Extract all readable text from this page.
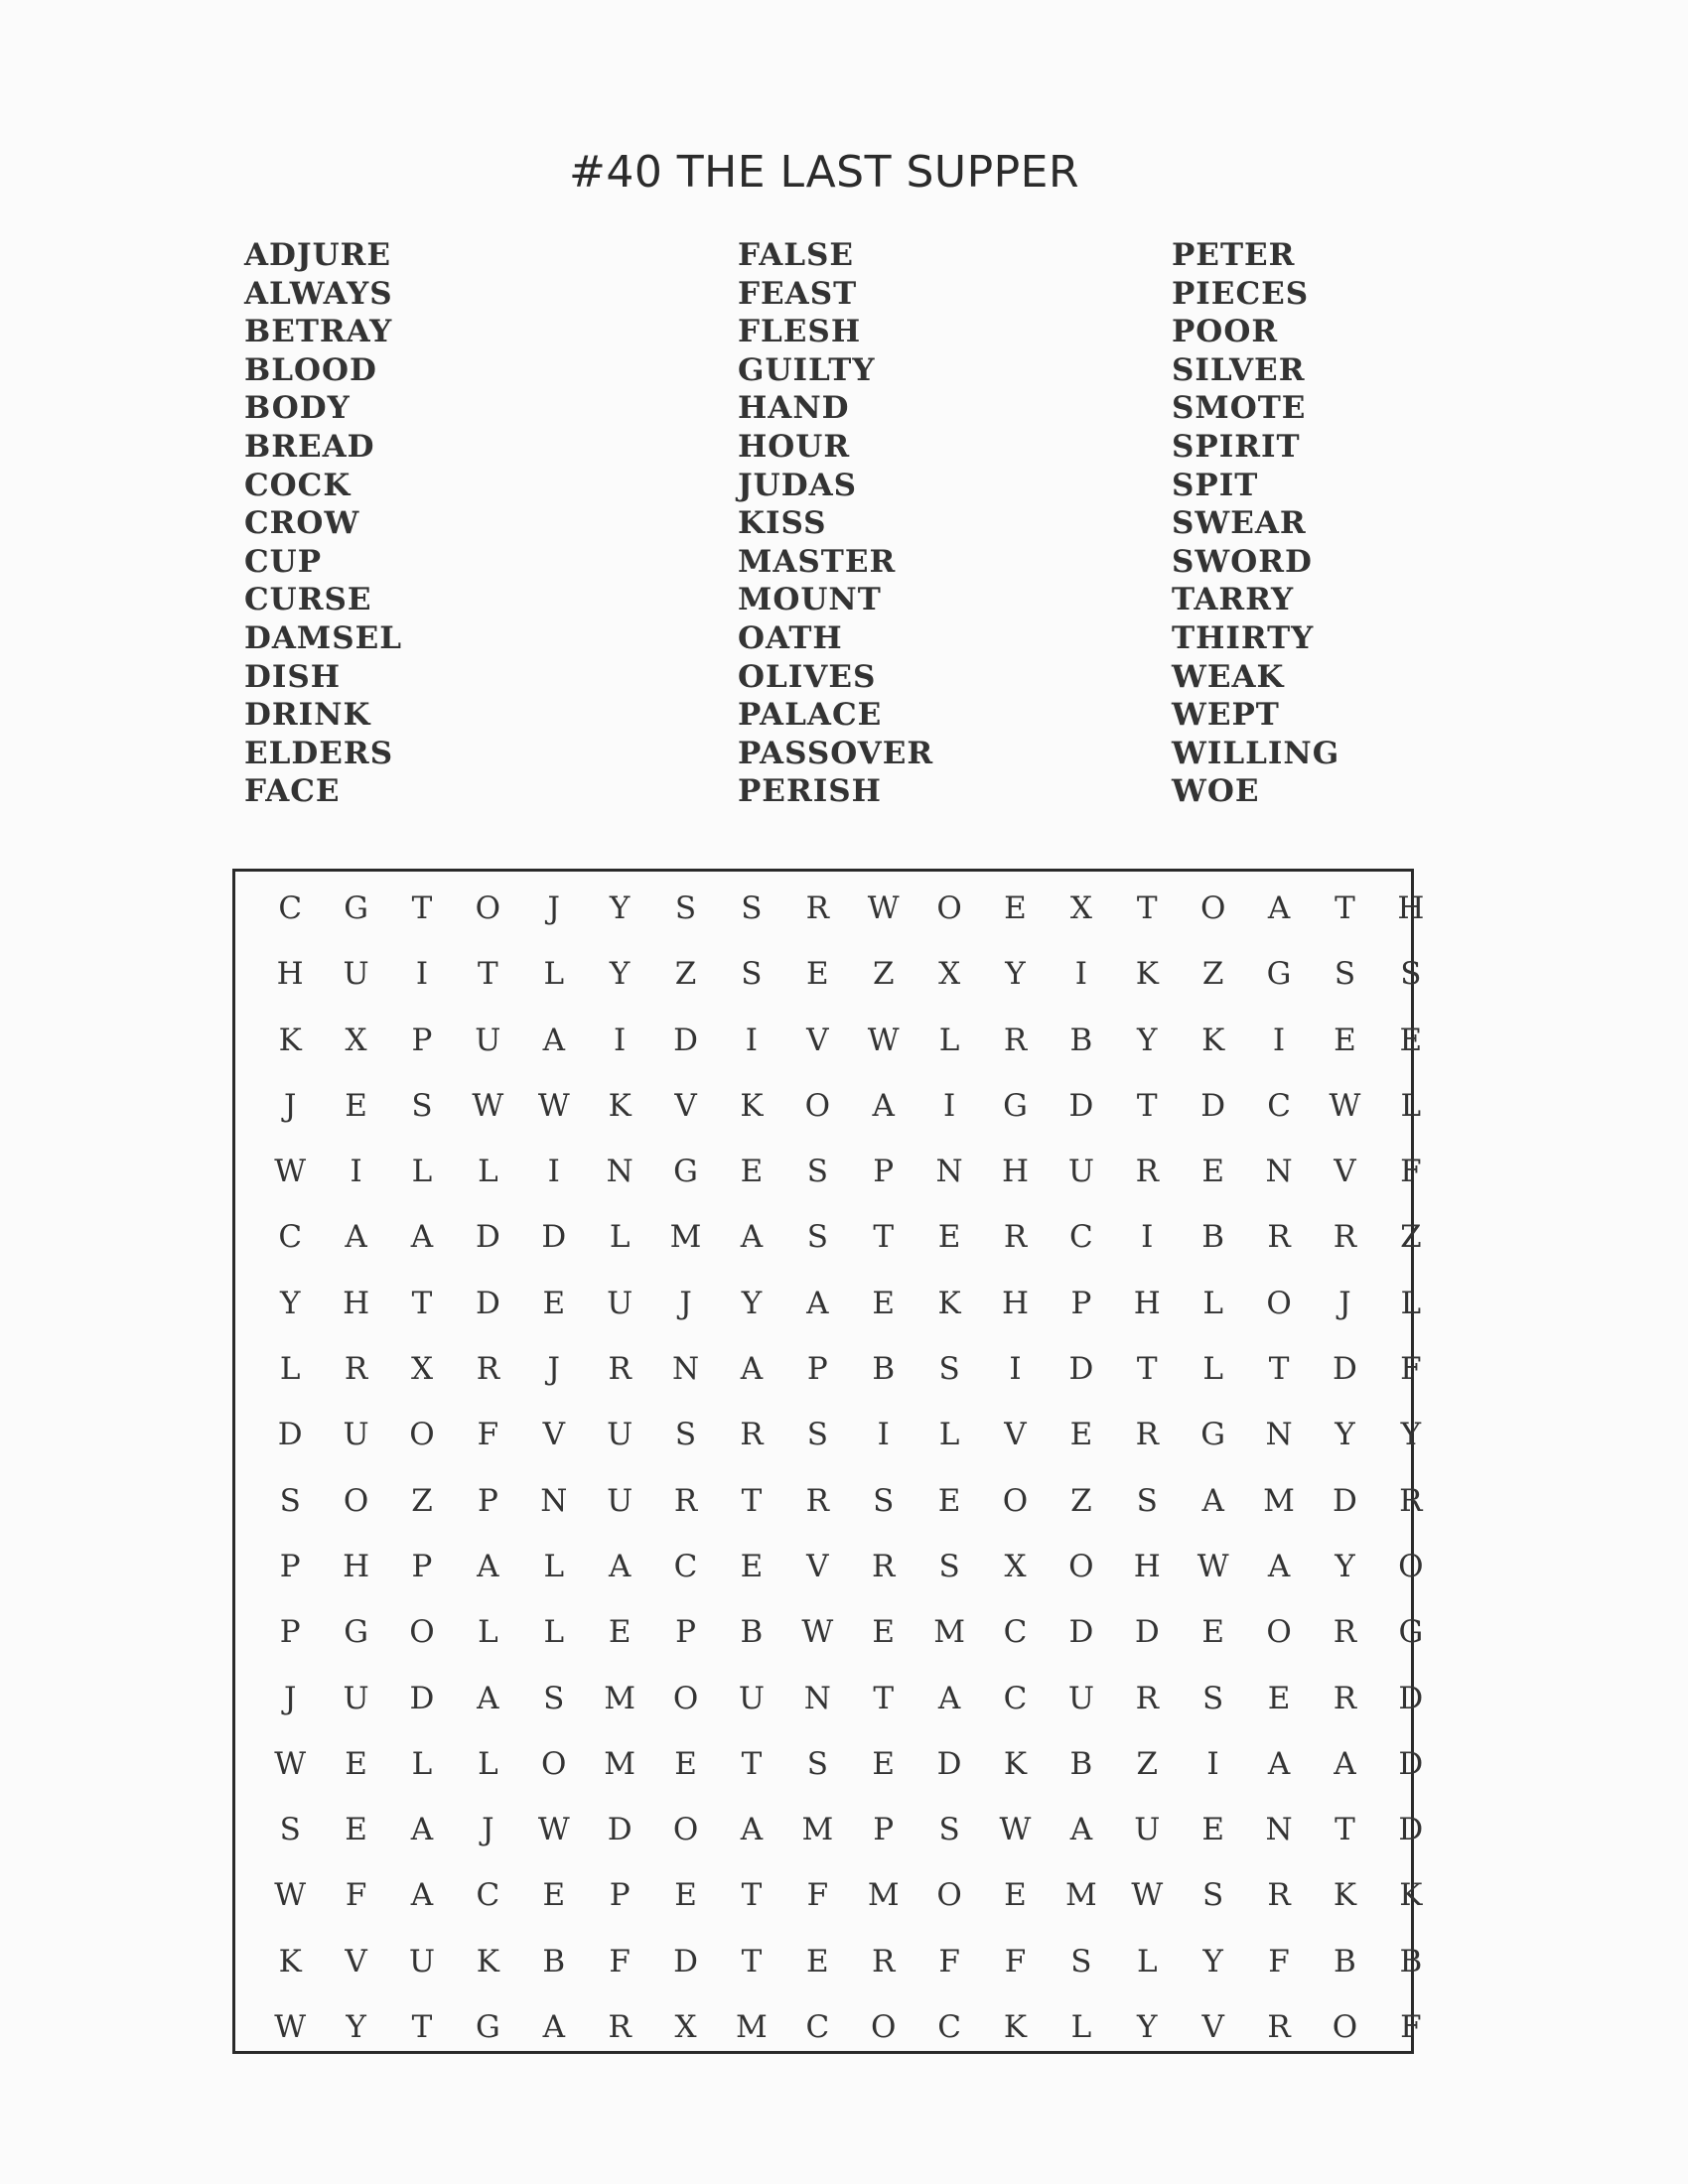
#40 THE LAST SUPPER
ADJURE
ALWAYS
BETRAY
BLOOD
BODY
BREAD
COCK
CROW
CUP
CURSE
DAMSEL
DISH
DRINK
ELDERS
FACE
FALSE
FEAST
FLESH
GUILTY
HAND
HOUR
JUDAS
KISS
MASTER
MOUNT
OATH
OLIVES
PALACE
PASSOVER
PERISH
PETER
PIECES
POOR
SILVER
SMOTE
SPIRIT
SPIT
SWEAR
SWORD
TARRY
THIRTY
WEAK
WEPT
WILLING
WOE
C	G	T	O	J	Y	S	S	R	W	O	E	X	T	O	A	T	H
H	U	I	T	L	Y	Z	S	E	Z	X	Y	I	K	Z	G	S	S
K	X	P	U	A	I	D	I	V	W	L	R	B	Y	K	I	E	E
J	E	S	W	W	K	V	K	O	A	I	G	D	T	D	C	W	L
W	I	L	L	I	N	G	E	S	P	N	H	U	R	E	N	V	F
C	A	A	D	D	L	M	A	S	T	E	R	C	I	B	R	R	Z
Y	H	T	D	E	U	J	Y	A	E	K	H	P	H	L	O	J	L
L	R	X	R	J	R	N	A	P	B	S	I	D	T	L	T	D	F
D	U	O	F	V	U	S	R	S	I	L	V	E	R	G	N	Y	Y
S	O	Z	P	N	U	R	T	R	S	E	O	Z	S	A	M	D	R
P	H	P	A	L	A	C	E	V	R	S	X	O	H	W	A	Y	O
P	G	O	L	L	E	P	B	W	E	M	C	D	D	E	O	R	G
J	U	D	A	S	M	O	U	N	T	A	C	U	R	S	E	R	D
W	E	L	L	O	M	E	T	S	E	D	K	B	Z	I	A	A	D
S	E	A	J	W	D	O	A	M	P	S	W	A	U	E	N	T	D
W	F	A	C	E	P	E	T	F	M	O	E	M	W	S	R	K	K
K	V	U	K	B	F	D	T	E	R	F	F	S	L	Y	F	B	B
W	Y	T	G	A	R	X	M	C	O	C	K	L	Y	V	R	O	F
